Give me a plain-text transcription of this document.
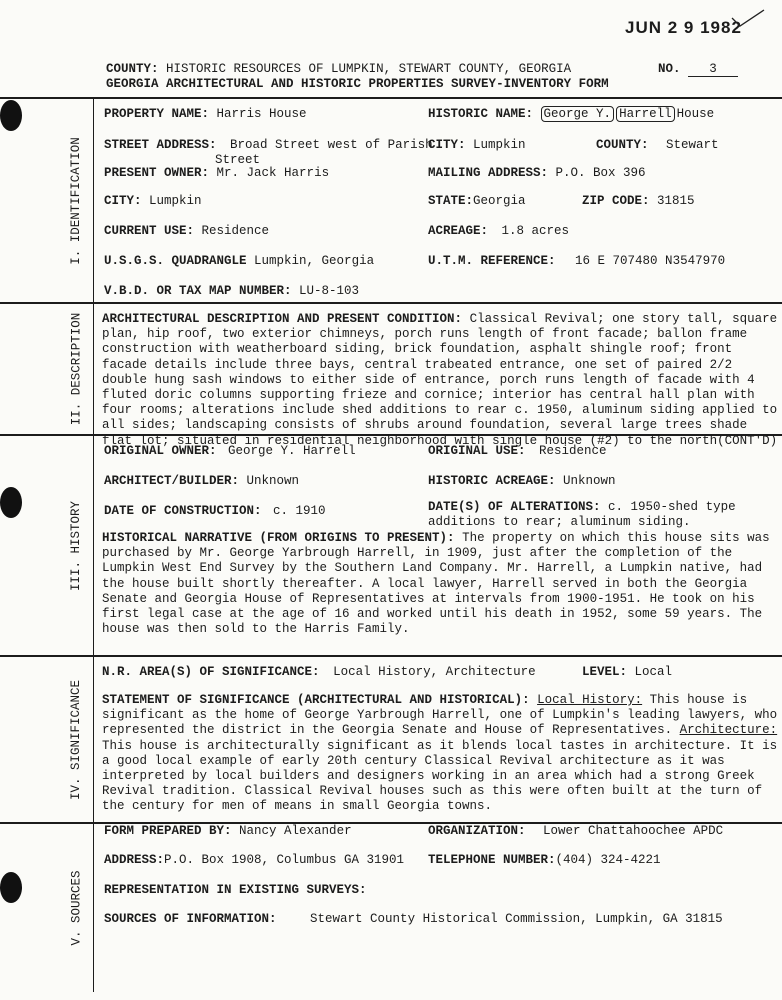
JUN 2 9 1982
COUNTY: HISTORIC RESOURCES OF LUMPKIN, STEWART COUNTY, GEORGIA
GEORGIA ARCHITECTURAL AND HISTORIC PROPERTIES SURVEY-INVENTORY FORM
NO. 3
I. IDENTIFICATION
II. DESCRIPTION
III. HISTORY
IV. SIGNIFICANCE
V. SOURCES
PROPERTY NAME: Harris House	HISTORIC NAME: George Y. Harrell House
STREET ADDRESS: Broad Street west of Parish
Street
CITY: Lumpkin	COUNTY: Stewart
PRESENT OWNER: Mr. Jack Harris	MAILING ADDRESS: P.O. Box 396
CITY: Lumpkin	STATE:Georgia	ZIP CODE: 31815
CURRENT USE: Residence	ACREAGE: 1.8 acres
U.S.G.S. QUADRANGLE Lumpkin, Georgia	U.T.M. REFERENCE: 16 E 707480 N3547970
V.B.D. OR TAX MAP NUMBER: LU-8-103
ARCHITECTURAL DESCRIPTION AND PRESENT CONDITION: Classical Revival; one story tall, square plan, hip roof, two exterior chimneys, porch runs length of front facade; ballon frame construction with weatherboard siding, brick foundation, asphalt shingle roof; front facade details include three bays, central trabeated entrance, one set of paired 2/2 double hung sash windows to either side of entrance, porch runs length of facade with 4 fluted doric columns supporting frieze and cornice; interior has central hall plan with four rooms; alterations include shed additions to rear c. 1950, aluminum siding applied to all sides; landscaping consists of shrubs around foundation, several large trees shade flat lot; situated in residential neighborhood with single house (#2) to the north(CONT'D)
ORIGINAL OWNER: George Y. Harrell	ORIGINAL USE: Residence
ARCHITECT/BUILDER: Unknown	HISTORIC ACREAGE: Unknown
DATE OF CONSTRUCTION: c. 1910	DATE(S) OF ALTERATIONS: c. 1950-shed type
additions to rear; aluminum siding.
HISTORICAL NARRATIVE (FROM ORIGINS TO PRESENT): The property on which this house sits was purchased by Mr. George Yarbrough Harrell, in 1909, just after the completion of the Lumpkin West End Survey by the Southern Land Company. Mr. Harrell, a Lumpkin native, had the house built shortly thereafter. A local lawyer, Harrell served in both the Georgia Senate and Georgia House of Representatives at intervals from 1900-1951. He took on his first legal case at the age of 16 and worked until his death in 1952, some 59 years. The house was then sold to the Harris Family.
N.R. AREA(S) OF SIGNIFICANCE: Local History, Architecture	LEVEL: Local
STATEMENT OF SIGNIFICANCE (ARCHITECTURAL AND HISTORICAL): Local History: This house is significant as the home of George Yarbrough Harrell, one of Lumpkin's leading lawyers, who represented the district in the Georgia Senate and House of Representatives. Architecture: This house is architecturally significant as it blends local tastes in architecture. It is a good local example of early 20th century Classical Revival architecture as it was interpreted by local builders and designers working in an area which had a strong Greek Revival tradition. Classical Revival houses such as this were often built at the turn of the century for men of means in small Georgia towns.
FORM PREPARED BY: Nancy Alexander	ORGANIZATION: Lower Chattahoochee APDC
ADDRESS:P.O. Box 1908, Columbus GA 31901 TELEPHONE NUMBER:(404) 324-4221
REPRESENTATION IN EXISTING SURVEYS:
SOURCES OF INFORMATION:	Stewart County Historical Commission, Lumpkin, GA 31815
